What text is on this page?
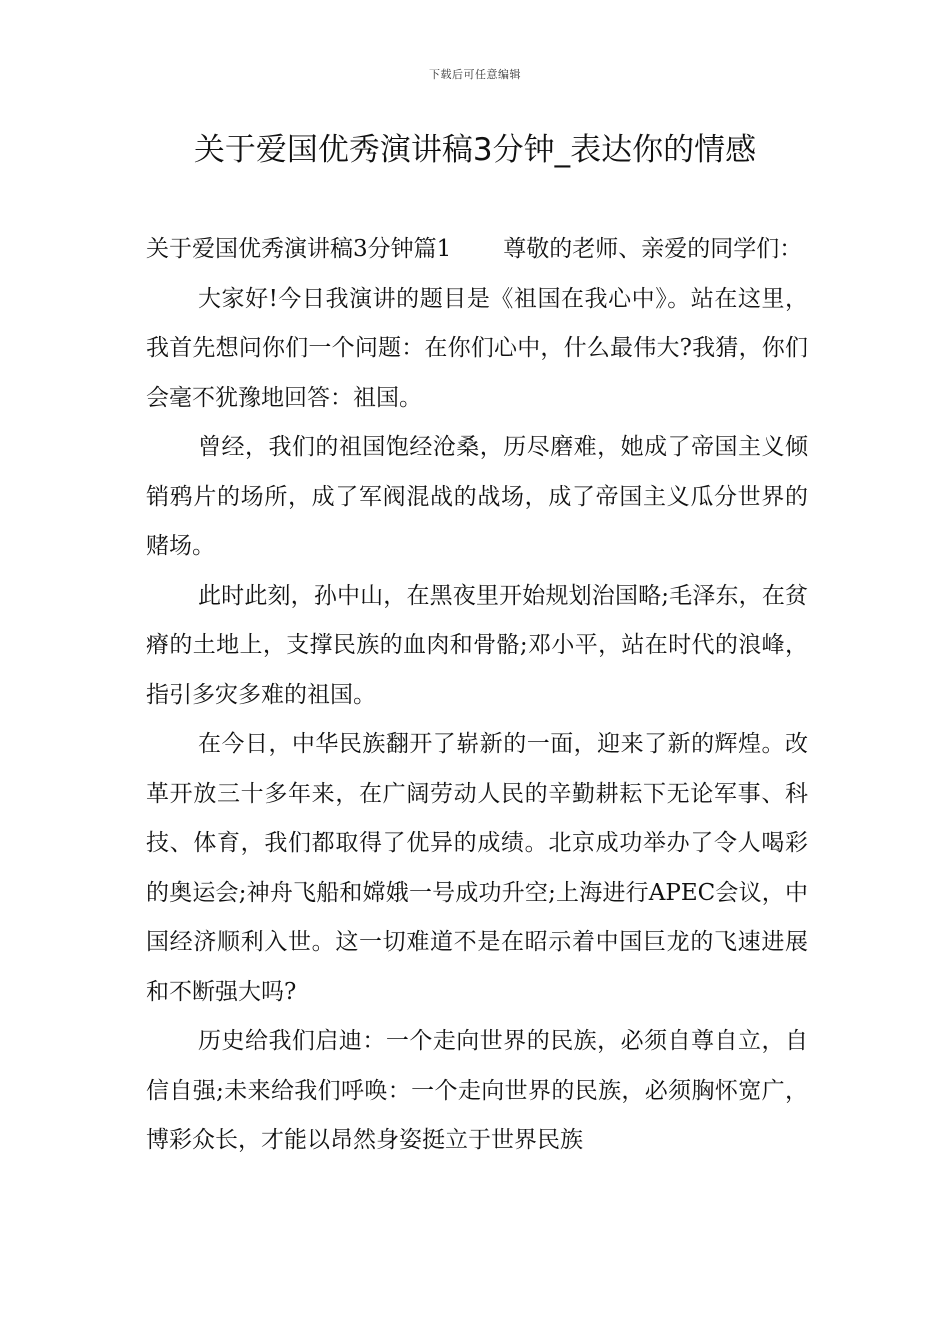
下载后可任意编辑
关于爱国优秀演讲稿3分钟_表达你的情感

关于爱国优秀演讲稿3分钟篇1 尊敬的老师、亲爱的同学们：

大家好!今日我演讲的题目是《祖国在我心中》。站在这里，我首先想问你们一个问题：在你们心中，什么最伟大?我猜，你们会毫不犹豫地回答：祖国。

曾经，我们的祖国饱经沧桑，历尽磨难，她成了帝国主义倾销鸦片的场所，成了军阀混战的战场，成了帝国主义瓜分世界的赌场。

此时此刻，孙中山，在黑夜里开始规划治国略;毛泽东，在贫瘠的土地上，支撑民族的血肉和骨骼;邓小平，站在时代的浪峰，指引多灾多难的祖国。

在今日，中华民族翻开了崭新的一面，迎来了新的辉煌。改革开放三十多年来，在广阔劳动人民的辛勤耕耘下无论军事、科技、体育，我们都取得了优异的成绩。北京成功举办了令人喝彩的奥运会;神舟飞船和嫦娥一号成功升空;上海进行APEC会议，中国经济顺利入世。这一切难道不是在昭示着中国巨龙的飞速进展和不断强大吗?

历史给我们启迪：一个走向世界的民族，必须自尊自立，自信自强;未来给我们呼唤：一个走向世界的民族，必须胸怀宽广，博彩众长，才能以昂然身姿挺立于世界民族
